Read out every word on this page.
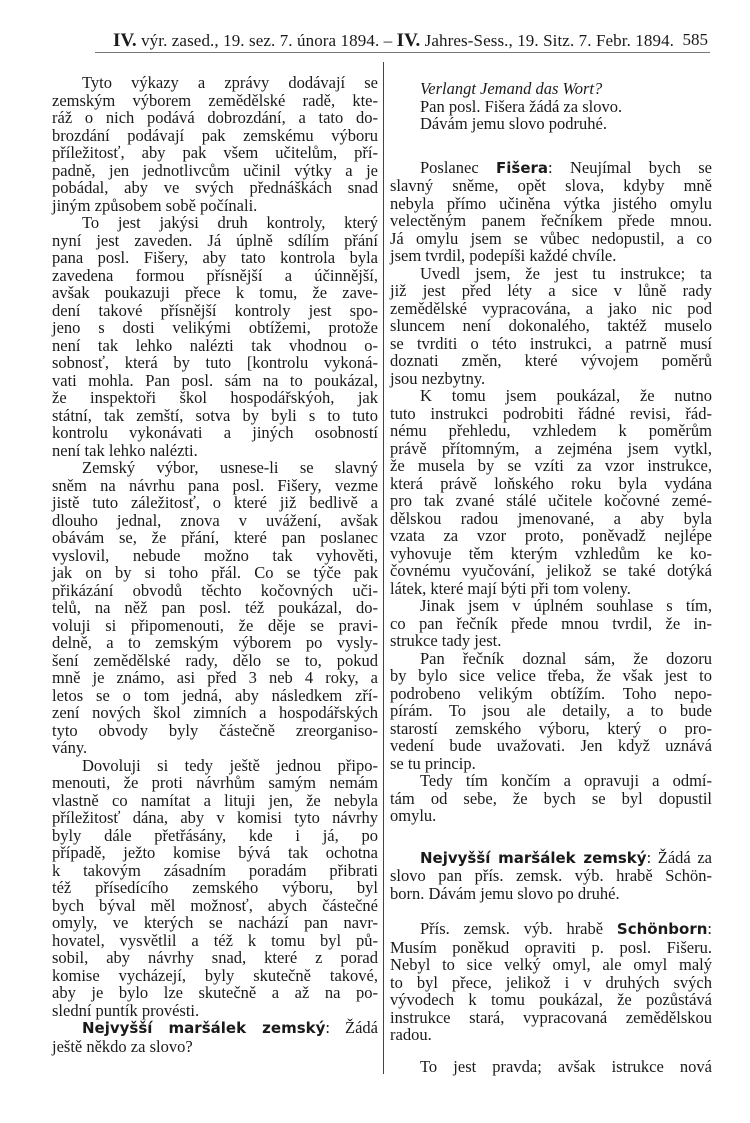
IV. výr. zased., 19. sez. 7. února 1894. – IV. Jahres-Sess., 19. Sitz. 7. Febr. 1894. 585
Tyto výkazy a zprávy dodávají se
zemským výborem zemědělské radě, kte-
ráž o nich podává dobrozdání, a tato do-
brozdání podávají pak zemskému výboru
příležitosť, aby pak všem učitelům, pří-
padně, jen jednotlivcům učinil výtky a je
pobádal, aby ve svých přednáškách snad
jiným způsobem sobě počínali.
To jest jakýsi druh kontroly, který
nyní jest zaveden. Já úplně sdílím přání
pana posl. Fišery, aby tato kontrola byla
zavedena formou přísnější a účinnější,
avšak poukazuji přece k tomu, že zave-
dení takové přísnější kontroly jest spo-
jeno s dosti velikými obtížemi, protože
není tak lehko nalézti tak vhodnou o-
sobnosť, která by tuto [kontrolu vykoná-
vati mohla. Pan posl. sám na to poukázal,
že inspektoři škol hospodářskýoh, jak
státní, tak zemští, sotva by byli s to tuto
kontrolu vykonávati a jiných osobností
není tak lehko nalézti.
Zemský výbor, usnese-li se slavný
sněm na návrhu pana posl. Fišery, vezme
jistě tuto záležitosť, o které již bedlivě a
dlouho jednal, znova v uvážení, avšak
obávám se, že přání, které pan poslanec
vyslovil, nebude možno tak vyhověti,
jak on by si toho přál. Co se týče pak
přikázání obvodů těchto kočovných uči-
telů, na něž pan posl. též poukázal, do-
voluji si připomenouti, že děje se pravi-
delně, a to zemským výborem po vysly-
šení zemědělské rady, dělo se to, pokud
mně je známo, asi před 3 neb 4 roky, a
letos se o tom jedná, aby následkem zří-
zení nových škol zimních a hospodářských
tyto obvody byly částečně zreorganiso-
vány.
Dovoluji si tedy ještě jednou připo-
menouti, že proti návrhům samým nemám
vlastně co namítat a lituji jen, že nebyla
příležitosť dána, aby v komisi tyto návrhy
byly dále přetřásány, kde i já, po
případě, ježto komise bývá tak ochotna
k takovým zásadním poradám přibrati
též přísedícího zemského výboru, byl
bych býval měl možnosť, abych částečné
omyly, ve kterých se nachází pan navr-
hovatel, vysvětlil a též k tomu byl pů-
sobil, aby návrhy snad, které z porad
komise vycházejí, byly skutečně takové,
aby je bylo lze skutečně a až na po-
slední puntík provésti.
Nejvyšší maršálek zemský: Žádá
ještě někdo za slovo?
Verlangt Jemand das Wort?
Pan posl. Fišera žádá za slovo.
Dávám jemu slovo podruhé.
Poslanec Fišera: Neujímal bych se
slavný sněme, opět slova, kdyby mně
nebyla přímo učiněna výtka jistého omylu
velectěným panem řečníkem přede mnou.
Já omylu jsem se vůbec nedopustil, a co
jsem tvrdil, podepíši každé chvíle.
Uvedl jsem, že jest tu instrukce; ta
již jest před léty a sice v lůně rady
zemědělské vypracována, a jako nic pod
sluncem není dokonalého, taktéž muselo
se tvrditi o této instrukci, a patrně musí
doznati změn, které vývojem poměrů
jsou nezbytny.
K tomu jsem poukázal, že nutno
tuto instrukci podrobiti řádné revisi, řád-
nému přehledu, vzhledem k poměrům
právě přítomným, a zejména jsem vytkl,
že musela by se vzíti za vzor instrukce,
která právě loňského roku byla vydána
pro tak zvané stálé učitele kočovné zemé-
dělskou radou jmenované, a aby byla
vzata za vzor proto, poněvadž nejlépe
vyhovuje těm kterým vzhledům ke ko-
čovnému vyučování, jelikož se také dotýká
látek, které mají býti při tom voleny.
Jinak jsem v úplném souhlase s tím,
co pan řečník přede mnou tvrdil, že in-
strukce tady jest.
Pan řečník doznal sám, že dozoru
by bylo sice velice třeba, že však jest to
podrobeno velikým obtížím. Toho nepo-
pírám. To jsou ale detaily, a to bude
starostí zemského výboru, který o pro-
vedení bude uvažovati. Jen když uznává
se tu princip.
Tedy tím končím a opravuji a odmí-
tám od sebe, že bych se byl dopustil
omylu.
Nejvyšší maršálek zemský: Žádá za
slovo pan přís. zemsk. výb. hrabě Schön-
born. Dávám jemu slovo po druhé.
Přís. zemsk. výb. hrabě Schönborn:
Musím poněkud opraviti p. posl. Fišeru.
Nebyl to sice velký omyl, ale omyl malý
to byl přece, jelikož i v druhých svých
vývodech k tomu poukázal, že pozůstává
instrukce stará, vypracovaná zemědělskou
radou.
To jest pravda; avšak istrukce nová
